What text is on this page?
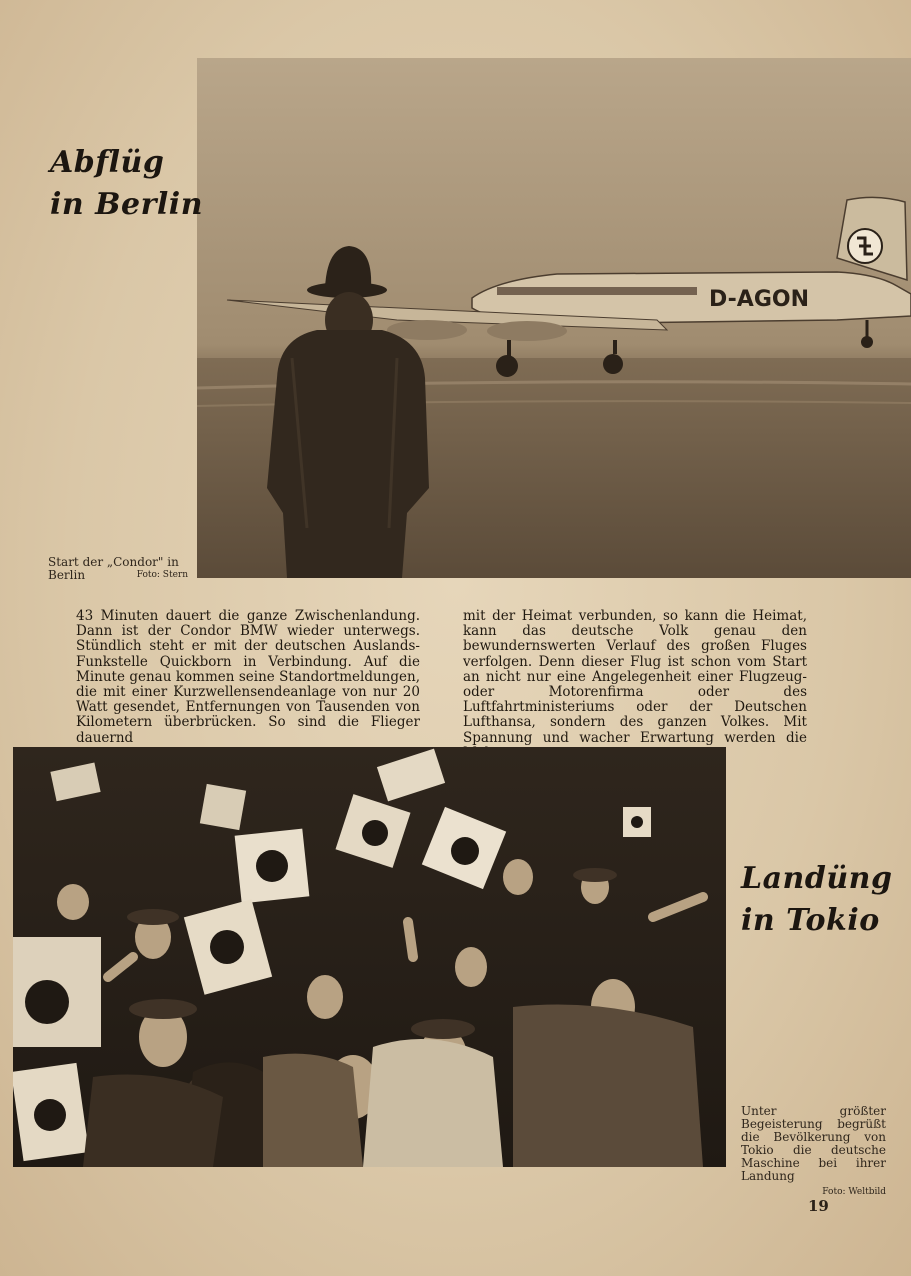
D-AGON
Abflüg
in Berlin
Start der „Condor" in
Berlin	Foto: Stern

43 Minuten dauert die ganze Zwischenlandung. Dann ist der Condor BMW wieder unterwegs. Stündlich steht er mit der deutschen Auslands-Funkstelle Quickborn in Verbindung. Auf die Minute genau kommen seine Standortmeldungen, die mit einer Kurzwellensendeanlage von nur 20 Watt gesendet, Entfernungen von Tausenden von Kilometern überbrücken. So sind die Flieger dauernd

mit der Heimat verbunden, so kann die Heimat, kann das deutsche Volk genau den bewundernswerten Verlauf des großen Fluges verfolgen. Denn dieser Flug ist schon vom Start an nicht nur eine Angelegenheit einer Flugzeug- oder Motorenfirma oder des Luftfahrtministeriums oder der Deutschen Lufthansa, sondern des ganzen Volkes. Mit Spannung und wacher Erwartung werden die

Landüng
in Tokio
Unter größter Begeisterung begrüßt die Bevölkerung von Tokio die deutsche Maschine bei ihrer Landung
Foto: Weltbild
19
